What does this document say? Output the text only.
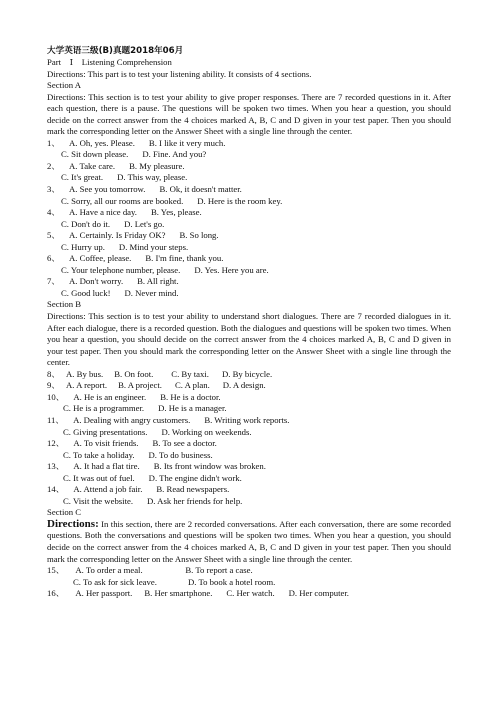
大学英语三级(B)真题2018年06月
Part　Ⅰ　Listening Comprehension
Directions: This part is to test your listening ability. It consists of 4 sections.
Section A
Directions: This section is to test your ability to give proper responses. There are 7 recorded questions in it. After each question, there is a pause. The questions will be spoken two times. When you hear a question, you should decide on the correct answer from the 4 choices marked A, B, C and D given in your test paper. Then you should mark the corresponding letter on the Answer Sheet with a single line through the center.
1、 A. Oh, yes. Please. B. I like it very much.
C. Sit down please. D. Fine. And you?
2、 A. Take care. B. My pleasure.
C. It's great. D. This way, please.
3、 A. See you tomorrow. B. Ok, it doesn't matter.
C. Sorry, all our rooms are booked. D. Here is the room key.
4、 A. Have a nice day. B. Yes, please.
C. Don't do it. D. Let's go.
5、 A. Certainly. Is Friday OK? B. So long.
C. Hurry up. D. Mind your steps.
6、 A. Coffee, please. B. I'm fine, thank you.
C. Your telephone number, please. D. Yes. Here you are.
7、 A. Don't worry. B. All right.
C. Good luck! D. Never mind.
Section B
Directions: This section is to test your ability to understand short dialogues. There are 7 recorded dialogues in it. After each dialogue, there is a recorded question. Both the dialogues and questions will be spoken two times. When you hear a question, you should decide on the correct answer from the 4 choices marked A, B, C and D given in your test paper. Then you should mark the corresponding letter on the Answer Sheet with a single line through the center.
8、 A. By bus. B. On foot. C. By taxi. D. By bicycle.
9、 A. A report. B. A project. C. A plan. D. A design.
10、 A. He is an engineer. B. He is a doctor.
C. He is a programmer. D. He is a manager.
11、 A. Dealing with angry customers. B. Writing work reports.
C. Giving presentations. D. Working on weekends.
12、 A. To visit friends. B. To see a doctor.
C. To take a holiday. D. To do business.
13、 A. It had a flat tire. B. Its front window was broken.
C. It was out of fuel. D. The engine didn't work.
14、 A. Attend a job fair. B. Read newspapers.
C. Visit the website. D. Ask her friends for help.
Section C
Directions: In this section, there are 2 recorded conversations. After each conversation, there are some recorded questions. Both the conversations and questions will be spoken two times. When you hear a question, you should decide on the correct answer from the 4 choices marked A, B, C and D given in your test paper. Then you should mark the corresponding letter on the Answer Sheet with a single line through the center.
15、 A. To order a meal.	B. To report a case.
C. To ask for sick leave.	D. To book a hotel room.
16、 A. Her passport. B. Her smartphone. C. Her watch. D. Her computer.
